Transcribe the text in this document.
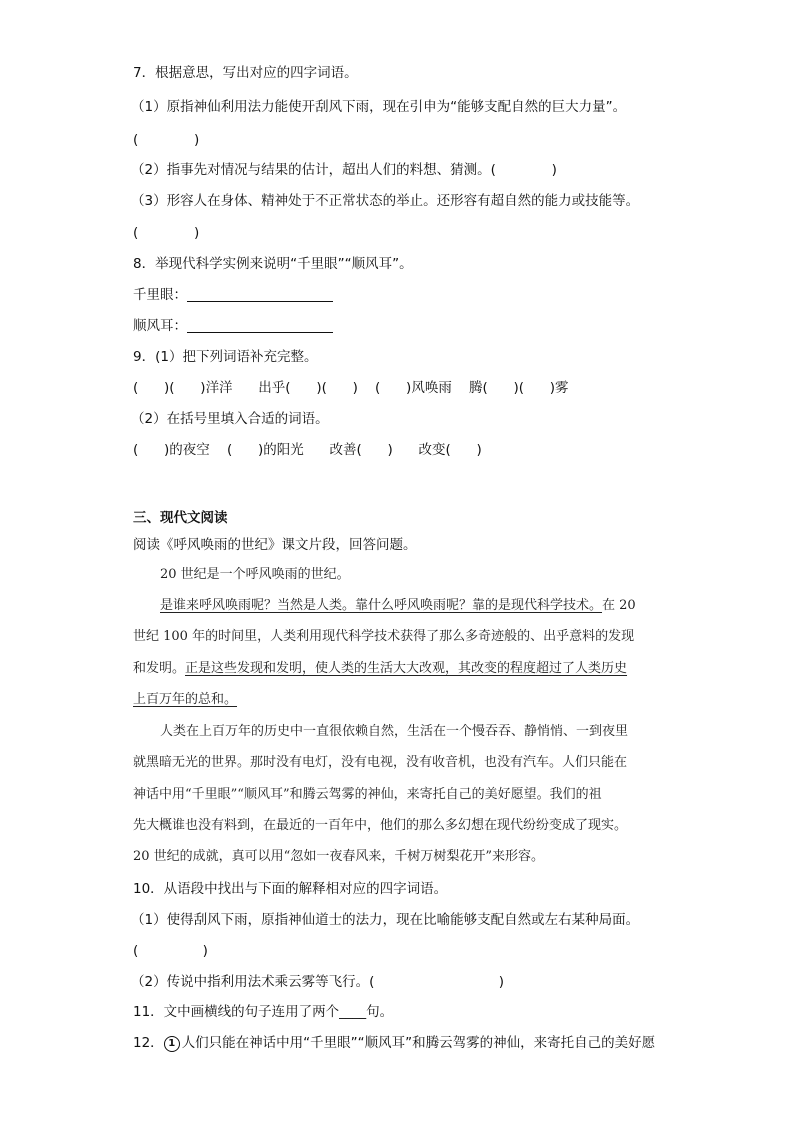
7．根据意思，写出对应的四字词语。
（1）原指神仙利用法力能使开刮风下雨，现在引申为“能够支配自然的巨大力量”。
(             )
（2）指事先对情况与结果的估计，超出人们的料想、猜测。(             )
（3）形容人在身体、精神处于不正常状态的举止。还形容有超自然的能力或技能等。
(             )
8．举现代科学实例来说明“千里眼”“顺风耳”。
千里眼：
顺风耳：
9．(1）把下列词语补充完整。
(      )(      )洋洋      出乎(      )(      )    (      )风唤雨    腾(      )(      )雾
（2）在括号里填入合适的词语。
(      )的夜空    (      )的阳光      改善(      )      改变(      )
三、现代文阅读
阅读《呼风唤雨的世纪》课文片段，回答问题。
20 世纪是一个呼风唤雨的世纪。
是谁来呼风唤雨呢？当然是人类。靠什么呼风唤雨呢？靠的是现代科学技术。在 20
世纪 100 年的时间里，人类利用现代科学技术获得了那么多奇迹般的、出乎意料的发现
和发明。正是这些发现和发明，使人类的生活大大改观，其改变的程度超过了人类历史
上百万年的总和。
人类在上百万年的历史中一直很依赖自然，生活在一个慢吞吞、静悄悄、一到夜里
就黑暗无光的世界。那时没有电灯，没有电视，没有收音机，也没有汽车。人们只能在
神话中用“千里眼”“顺风耳”和腾云驾雾的神仙，来寄托自己的美好愿望。我们的祖
先大概谁也没有料到，在最近的一百年中，他们的那么多幻想在现代纷纷变成了现实。
20 世纪的成就，真可以用“忽如一夜春风来，千树万树梨花开”来形容。
10．从语段中找出与下面的解释相对应的四字词语。
（1）使得刮风下雨，原指神仙道士的法力，现在比喻能够支配自然或左右某种局面。
(               )
（2）传说中指利用法术乘云雾等飞行。(                             )
11．文中画横线的句子连用了两个____句。
12． 1 人们只能在神话中用“千里眼”“顺风耳”和腾云驾雾的神仙，来寄托自己的美好愿
